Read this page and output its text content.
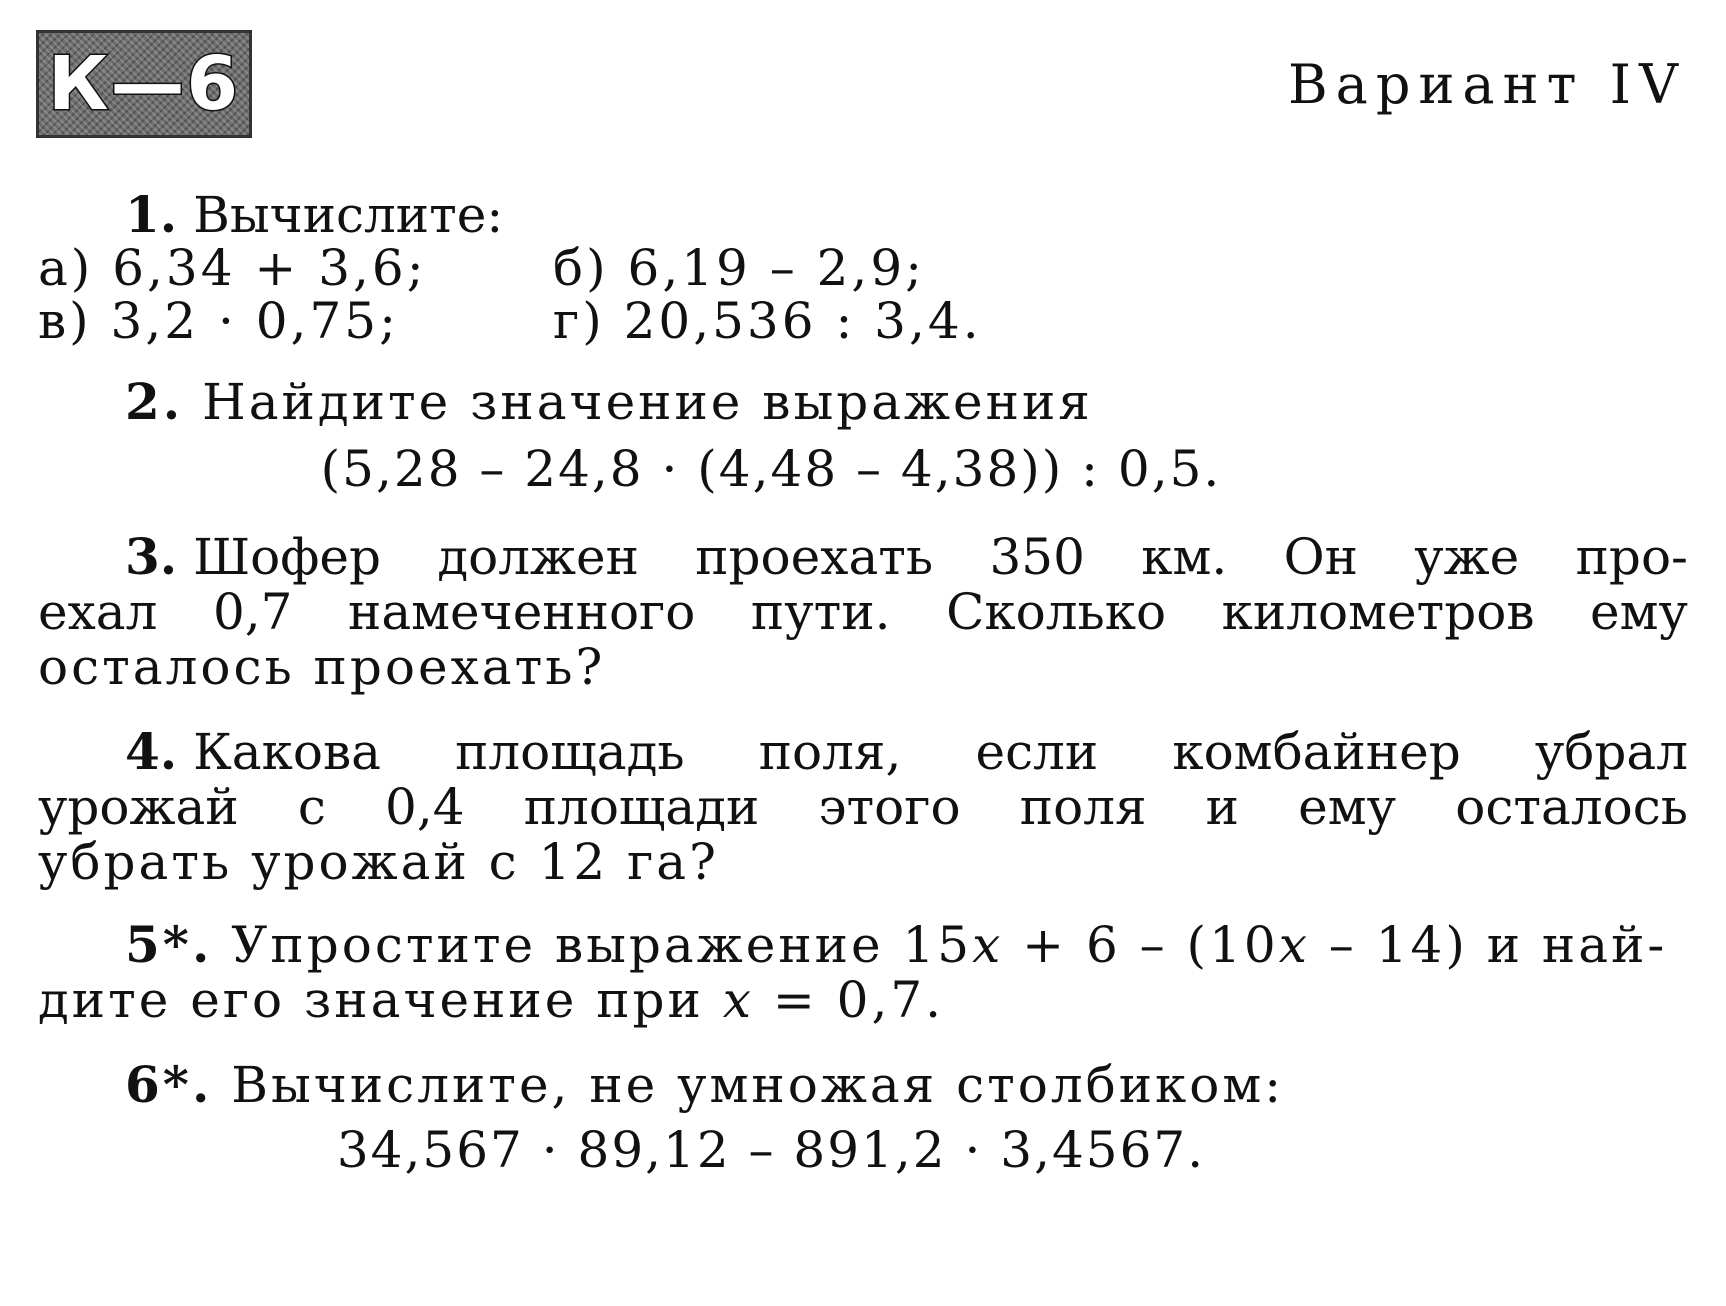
К—6	Вариант IV
1. Вычислите:
а) 6,34 + 3,6;	б) 6,19 – 2,9;
в) 3,2 · 0,75;	г) 20,536 : 3,4.
2. Найдите значение выражения
(5,28 – 24,8 · (4,48 – 4,38)) : 0,5.
3. Шофер должен проехать 350 км. Он уже про-
ехал 0,7 намеченного пути. Сколько километров ему
осталось проехать?
4. Какова площадь поля, если комбайнер убрал
урожай с 0,4 площади этого поля и ему осталось
убрать урожай с 12 га?
5*. Упростите выражение 15x + 6 – (10x – 14) и най-
дите его значение при x = 0,7.
6*. Вычислите, не умножая столбиком:
34,567 · 89,12 – 891,2 · 3,4567.
